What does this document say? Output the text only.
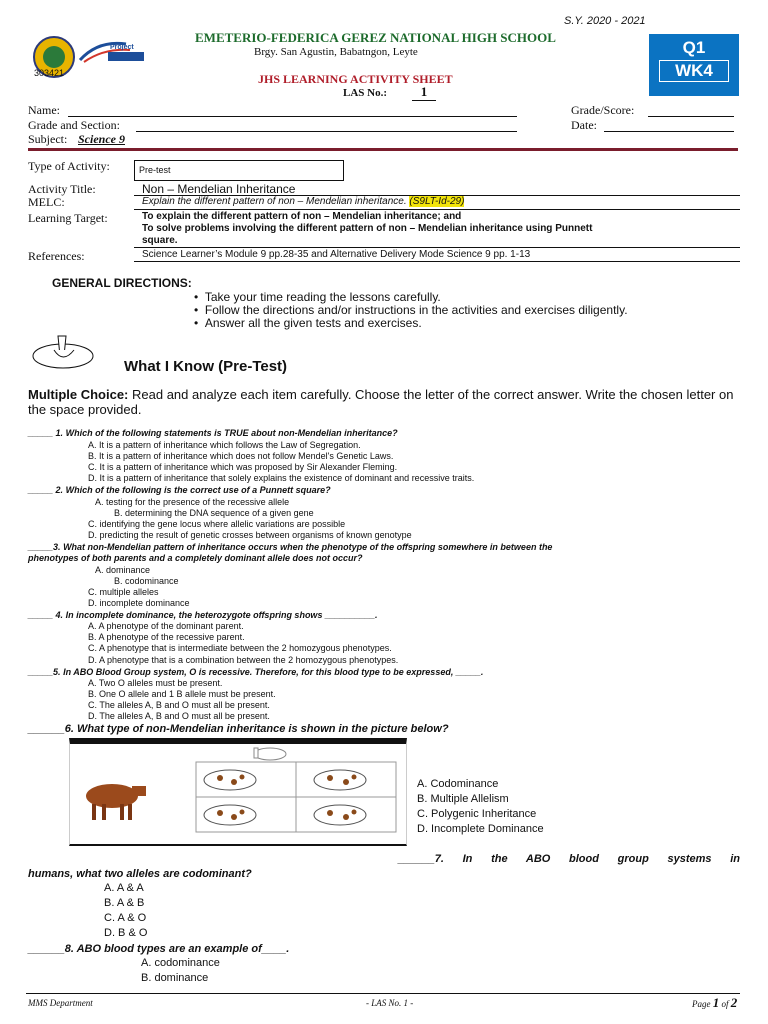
S.Y. 2020 - 2021
Project
303421
EMETERIO-FEDERICA GEREZ NATIONAL HIGH SCHOOL
Brgy. San Agustin, Babatngon, Leyte
JHS LEARNING ACTIVITY SHEET
LAS No.:	1
Q1
WK4
Name:
Grade and Section:
Subject: Science 9
Grade/Score:
Date:
Type of Activity:	Pre-test
Activity Title:	Non – Mendelian Inheritance
MELC:	Explain the different pattern of non – Mendelian inheritance. (S9LT-Id-29)
Learning Target:	To explain the different pattern of non – Mendelian inheritance; and
To solve problems involving the different pattern of non – Mendelian inheritance using Punnett
square.
References:	Science Learner’s Module 9 pp.28-35 and Alternative Delivery Mode Science 9 pp. 1-13
GENERAL DIRECTIONS:
•  Take your time reading the lessons carefully.
•  Follow the directions and/or instructions in the activities and exercises diligently.
•  Answer all the given tests and exercises.
What I Know (Pre-Test)
Multiple Choice: Read and analyze each item carefully. Choose the letter of the correct answer. Write the chosen letter on the space provided.
_____ 1. Which of the following statements is TRUE about non-Mendelian inheritance?
A. It is a pattern of inheritance which follows the Law of Segregation.
B. It is a pattern of inheritance which does not follow Mendel's Genetic Laws.
C. It is a pattern of inheritance which was proposed by Sir Alexander Fleming.
D. It is a pattern of inheritance that solely explains the existence of dominant and recessive traits.
_____ 2. Which of the following is the correct use of a Punnett square?
A. testing for the presence of the recessive allele
B. determining the DNA sequence of a given gene
C. identifying the gene locus where allelic variations are possible
D. predicting the result of genetic crosses between organisms of known genotype
_____3. What non-Mendelian pattern of inheritance occurs when the phenotype of the offspring somewhere in between the
phenotypes of both parents and a completely dominant allele does not occur?
A. dominance
B. codominance
C. multiple alleles
D. incomplete dominance
_____ 4. In incomplete dominance, the heterozygote offspring shows __________.
A. A phenotype of the dominant parent.
B. A phenotype of the recessive parent.
C. A phenotype that is intermediate between the 2 homozygous phenotypes.
D. A phenotype that is a combination between the 2 homozygous phenotypes.
_____5. In ABO Blood Group system, O is recessive. Therefore, for this blood type to be expressed, _____.
A. Two O alleles must be present.
B. One O allele and 1 B allele must be present.
C. The alleles A, B and O must all be present.
D. The alleles A, B and O must all be present.
______6. What type of non-Mendelian inheritance is shown in the picture below?
A. Codominance
B. Multiple Allelism
C. Polygenic Inheritance
D. Incomplete Dominance
______7. In the ABO blood group systems in
humans, what two alleles are codominant?
A. A & A
B. A & B
C. A & O
D. B & O
______8. ABO blood types are an example of____.
A. codominance
B. dominance
MMS Department	- LAS No. 1 -	Page 1 of 2
